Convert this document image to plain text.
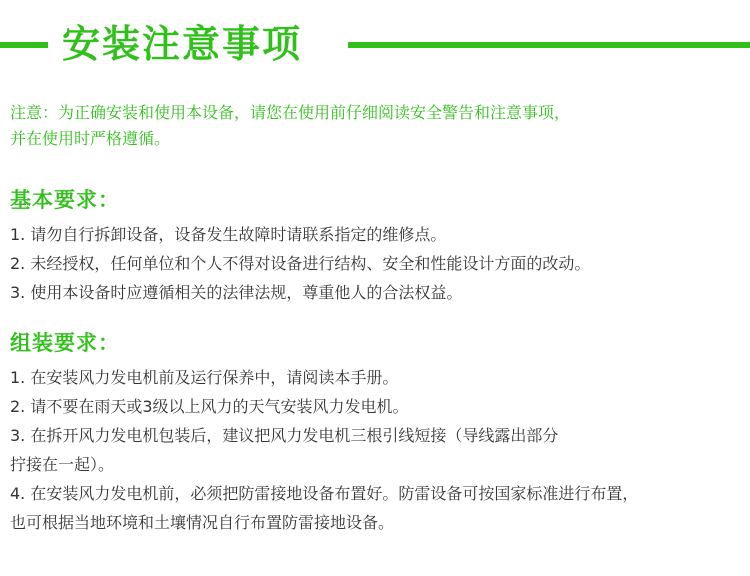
安装注意事项
注意：为正确安装和使用本设备，请您在使用前仔细阅读安全警告和注意事项，
并在使用时严格遵循。
基本要求：
1. 请勿自行拆卸设备，设备发生故障时请联系指定的维修点。
2. 未经授权，任何单位和个人不得对设备进行结构、安全和性能设计方面的改动。
3. 使用本设备时应遵循相关的法律法规，尊重他人的合法权益。
组装要求：
1. 在安装风力发电机前及运行保养中，请阅读本手册。
2. 请不要在雨天或3级以上风力的天气安装风力发电机。
3. 在拆开风力发电机包装后，建议把风力发电机三根引线短接（导线露出部分
拧接在一起）。
4. 在安装风力发电机前，必须把防雷接地设备布置好。防雷设备可按国家标准进行布置，
也可根据当地环境和土壤情况自行布置防雷接地设备。
